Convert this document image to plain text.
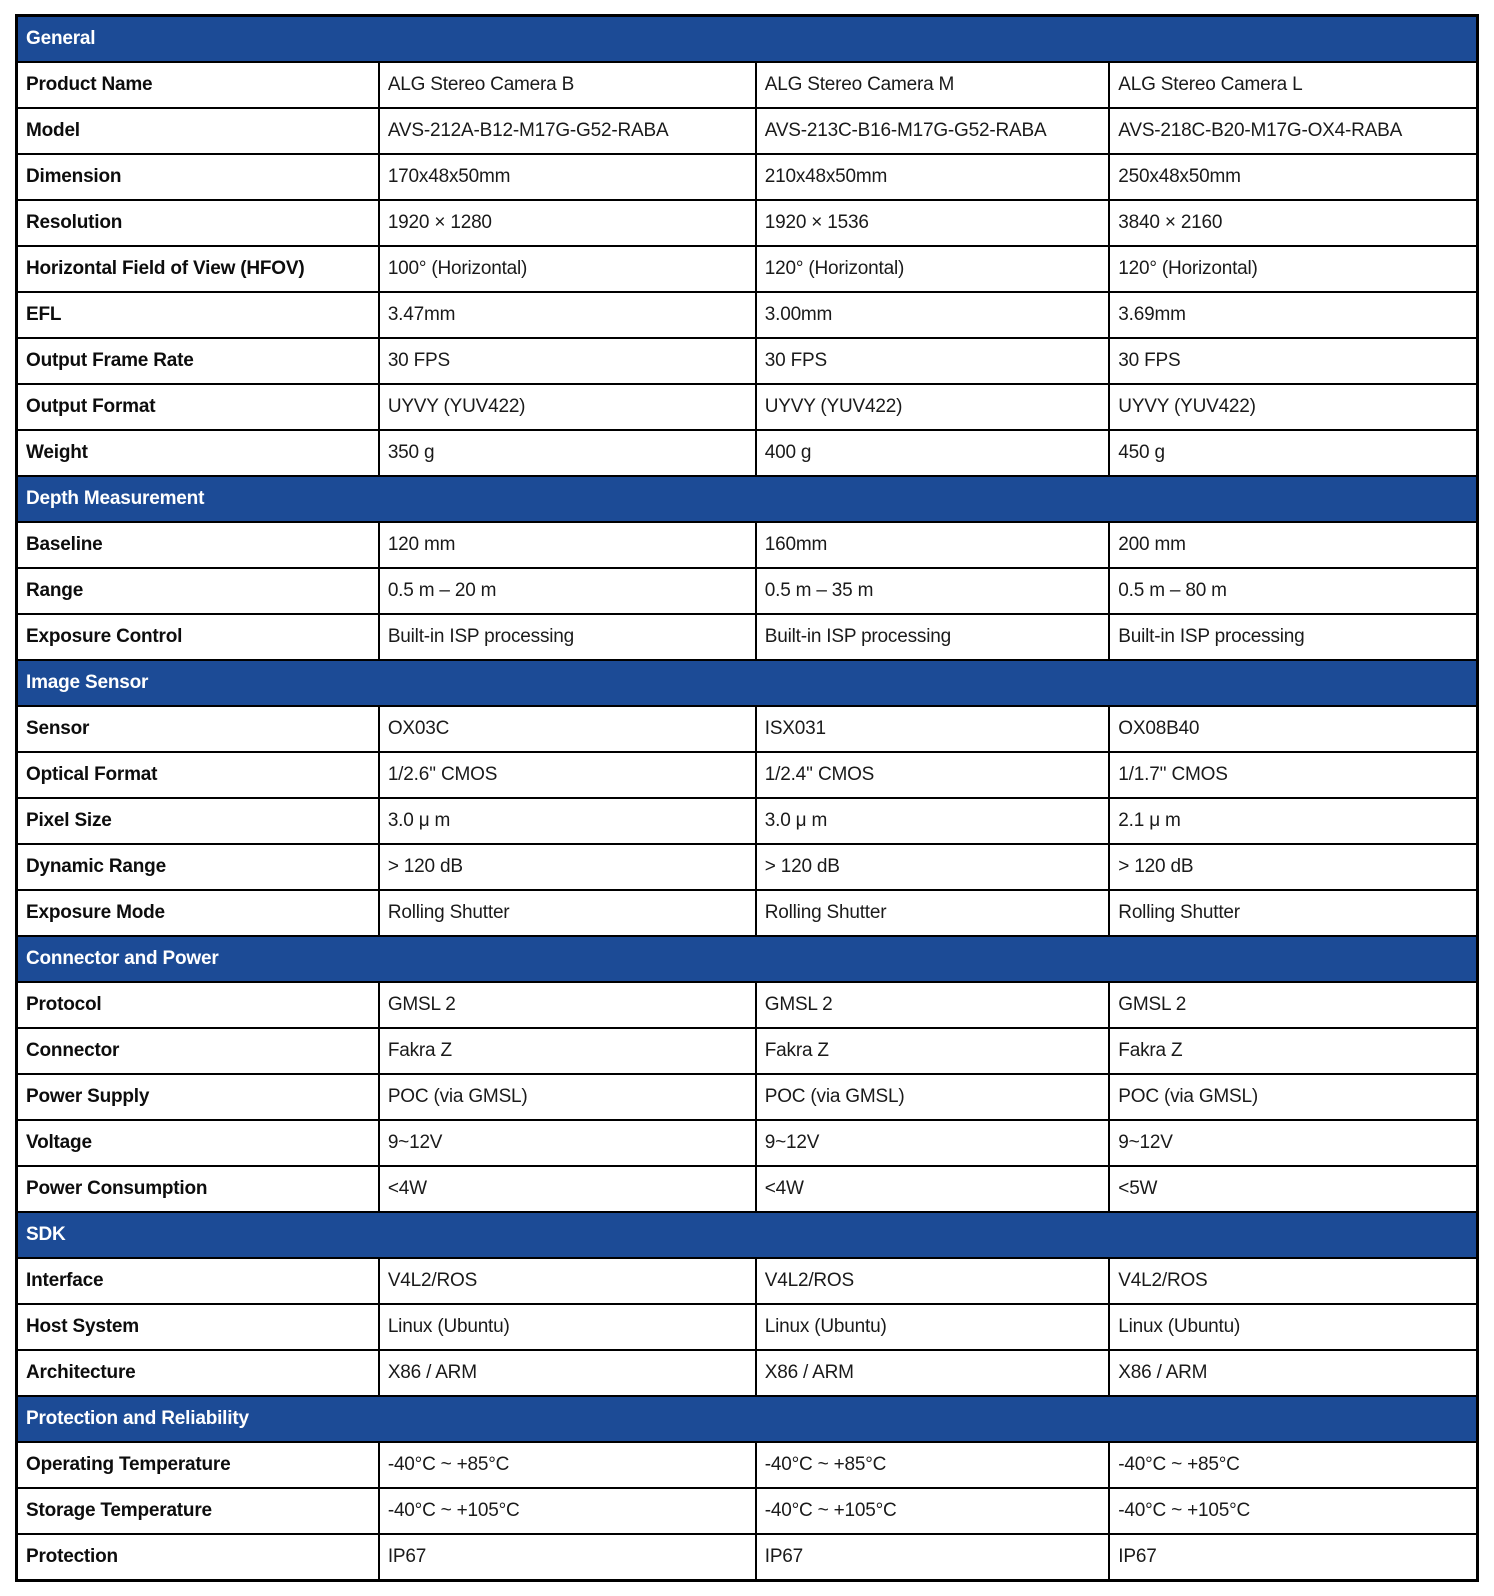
General			
Product Name	ALG Stereo Camera B	ALG Stereo Camera M	ALG Stereo Camera L
Model	AVS-212A-B12-M17G-G52-RABA	AVS-213C-B16-M17G-G52-RABA	AVS-218C-B20-M17G-OX4-RABA
Dimension	170x48x50mm	210x48x50mm	250x48x50mm
Resolution	1920 × 1280	1920 × 1536	3840 × 2160
Horizontal Field of View (HFOV)	100° (Horizontal)	120° (Horizontal)	120° (Horizontal)
EFL	3.47mm	3.00mm	3.69mm
Output Frame Rate	30 FPS	30 FPS	30 FPS
Output Format	UYVY (YUV422)	UYVY (YUV422)	UYVY (YUV422)
Weight	350 g	400 g	450 g
Depth Measurement			
Baseline	120 mm	160mm	200 mm
Range	0.5 m – 20 m	0.5 m – 35 m	0.5 m – 80 m
Exposure Control	Built-in ISP processing	Built-in ISP processing	Built-in ISP processing
Image Sensor			
Sensor	OX03C	ISX031	OX08B40
Optical Format	1/2.6'' CMOS	1/2.4'' CMOS	1/1.7'' CMOS
Pixel Size	3.0 μ m	3.0 μ m	2.1 μ m
Dynamic Range	> 120 dB	> 120 dB	> 120 dB
Exposure Mode	Rolling Shutter	Rolling Shutter	Rolling Shutter
Connector and Power			
Protocol	GMSL 2	GMSL 2	GMSL 2
Connector	Fakra Z	Fakra Z	Fakra Z
Power Supply	POC (via GMSL)	POC (via GMSL)	POC (via GMSL)
Voltage	9~12V	9~12V	9~12V
Power Consumption	<4W	<4W	<5W
SDK			
Interface	V4L2/ROS	V4L2/ROS	V4L2/ROS
Host System	Linux (Ubuntu)	Linux (Ubuntu)	Linux (Ubuntu)
Architecture	X86 / ARM	X86 / ARM	X86 / ARM
Protection and Reliability			
Operating Temperature	-40°C ~ +85°C	-40°C ~ +85°C	-40°C ~ +85°C
Storage Temperature	-40°C ~ +105°C	-40°C ~ +105°C	-40°C ~ +105°C
Protection	IP67	IP67	IP67
